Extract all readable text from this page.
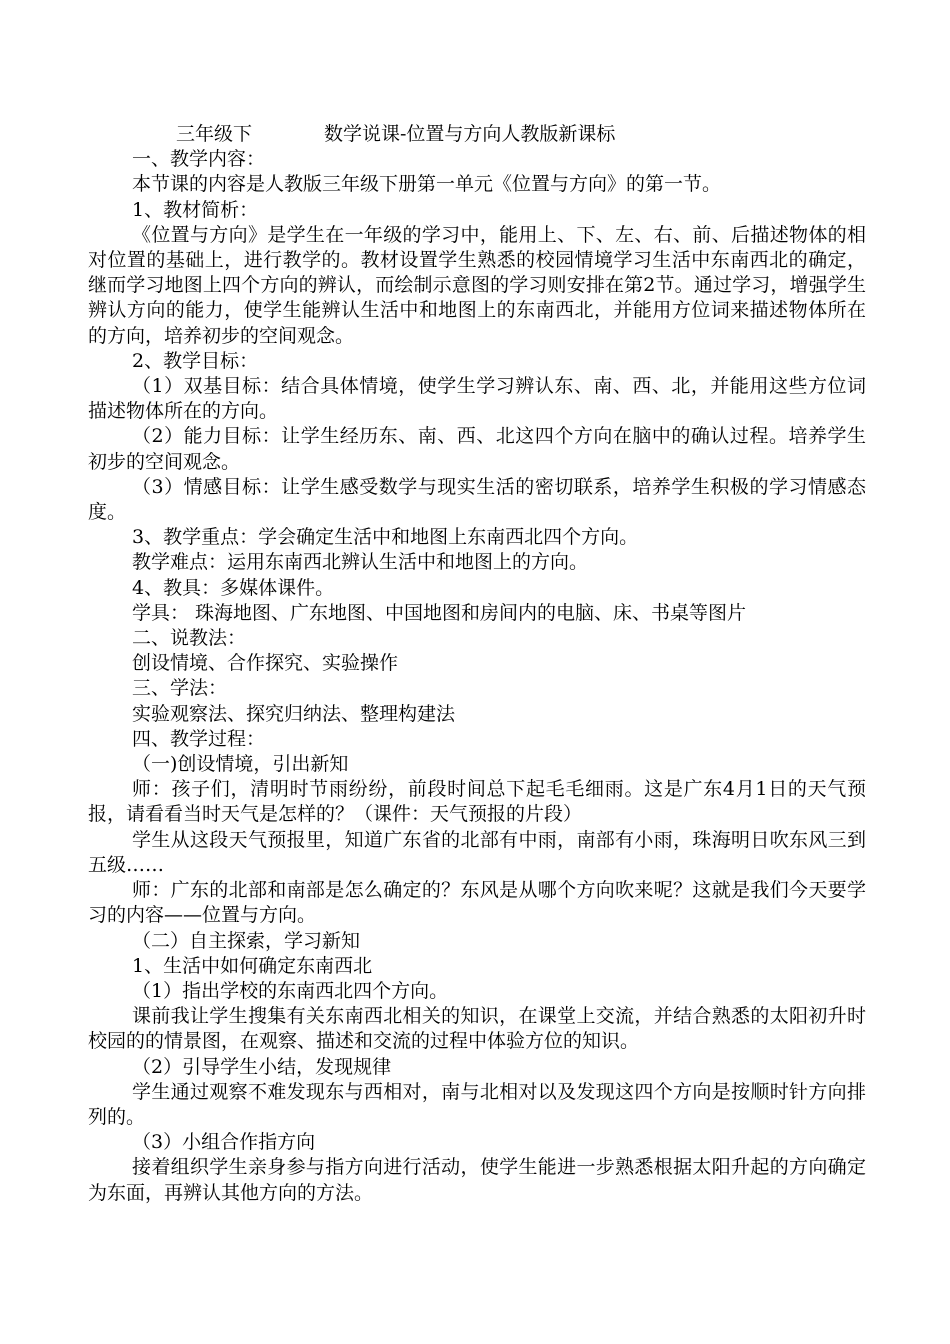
三年级下	数学说课-位置与方向人教版新课标

一、教学内容：

本节课的内容是人教版三年级下册第一单元《位置与方向》的第一节。

1、教材简析：

《位置与方向》是学生在一年级的学习中，能用上、下、左、右、前、后描述物体的相对位置的基础上，进行教学的。教材设置学生熟悉的校园情境学习生活中东南西北的确定，继而学习地图上四个方向的辨认，而绘制示意图的学习则安排在第2节。通过学习，增强学生辨认方向的能力，使学生能辨认生活中和地图上的东南西北，并能用方位词来描述物体所在的方向，培养初步的空间观念。

2、教学目标：

（1）双基目标：结合具体情境，使学生学习辨认东、南、西、北，并能用这些方位词描述物体所在的方向。

（2）能力目标：让学生经历东、南、西、北这四个方向在脑中的确认过程。培养学生初步的空间观念。

（3）情感目标：让学生感受数学与现实生活的密切联系，培养学生积极的学习情感态度。

3、教学重点：学会确定生活中和地图上东南西北四个方向。

教学难点：运用东南西北辨认生活中和地图上的方向。

4、教具：多媒体课件。

学具： 珠海地图、广东地图、中国地图和房间内的电脑、床、书桌等图片

二、说教法：

创设情境、合作探究、实验操作

三、学法：

实验观察法、探究归纳法、整理构建法

四、教学过程：

（一)创设情境，引出新知

师：孩子们，清明时节雨纷纷，前段时间总下起毛毛细雨。这是广东4月1日的天气预报，请看看当时天气是怎样的？（课件：天气预报的片段）

学生从这段天气预报里，知道广东省的北部有中雨，南部有小雨，珠海明日吹东风三到五级……

师：广东的北部和南部是怎么确定的？东风是从哪个方向吹来呢？这就是我们今天要学习的内容——位置与方向。

（二）自主探索，学习新知

1、生活中如何确定东南西北

（1）指出学校的东南西北四个方向。

课前我让学生搜集有关东南西北相关的知识，在课堂上交流，并结合熟悉的太阳初升时校园的的情景图，在观察、描述和交流的过程中体验方位的知识。

（2）引导学生小结，发现规律

学生通过观察不难发现东与西相对，南与北相对以及发现这四个方向是按顺时针方向排列的。

（3）小组合作指方向

接着组织学生亲身参与指方向进行活动，使学生能进一步熟悉根据太阳升起的方向确定为东面，再辨认其他方向的方法。
